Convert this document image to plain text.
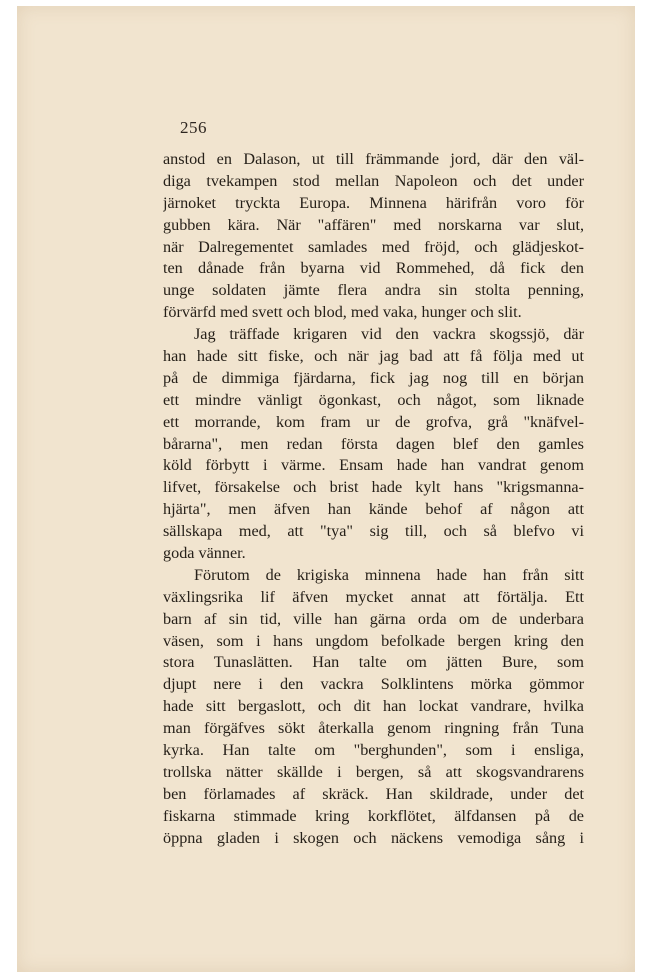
256
anstod en Dalason, ut till främmande jord, där den väl-
diga tvekampen stod mellan Napoleon och det under
järnoket tryckta Europa. Minnena härifrån voro för
gubben kära. När "affären" med norskarna var slut,
när Dalregementet samlades med fröjd, och glädjeskot-
ten dånade från byarna vid Rommehed, då fick den
unge soldaten jämte flera andra sin stolta penning,
förvärfd med svett och blod, med vaka, hunger och slit.
Jag träffade krigaren vid den vackra skogssjö, där
han hade sitt fiske, och när jag bad att få följa med ut
på de dimmiga fjärdarna, fick jag nog till en början
ett mindre vänligt ögonkast, och något, som liknade
ett morrande, kom fram ur de grofva, grå "knäfvel-
bårarna", men redan första dagen blef den gamles
köld förbytt i värme. Ensam hade han vandrat genom
lifvet, försakelse och brist hade kylt hans "krigsmanna-
hjärta", men äfven han kände behof af någon att
sällskapa med, att "tya" sig till, och så blefvo vi
goda vänner.
Förutom de krigiska minnena hade han från sitt
växlingsrika lif äfven mycket annat att förtälja. Ett
barn af sin tid, ville han gärna orda om de underbara
väsen, som i hans ungdom befolkade bergen kring den
stora Tunaslätten. Han talte om jätten Bure, som
djupt nere i den vackra Solklintens mörka gömmor
hade sitt bergaslott, och dit han lockat vandrare, hvilka
man förgäfves sökt återkalla genom ringning från Tuna
kyrka. Han talte om "berghunden", som i ensliga,
trollska nätter skällde i bergen, så att skogsvandrarens
ben förlamades af skräck. Han skildrade, under det
fiskarna stimmade kring korkflötet, älfdansen på de
öppna gladen i skogen och näckens vemodiga sång i
